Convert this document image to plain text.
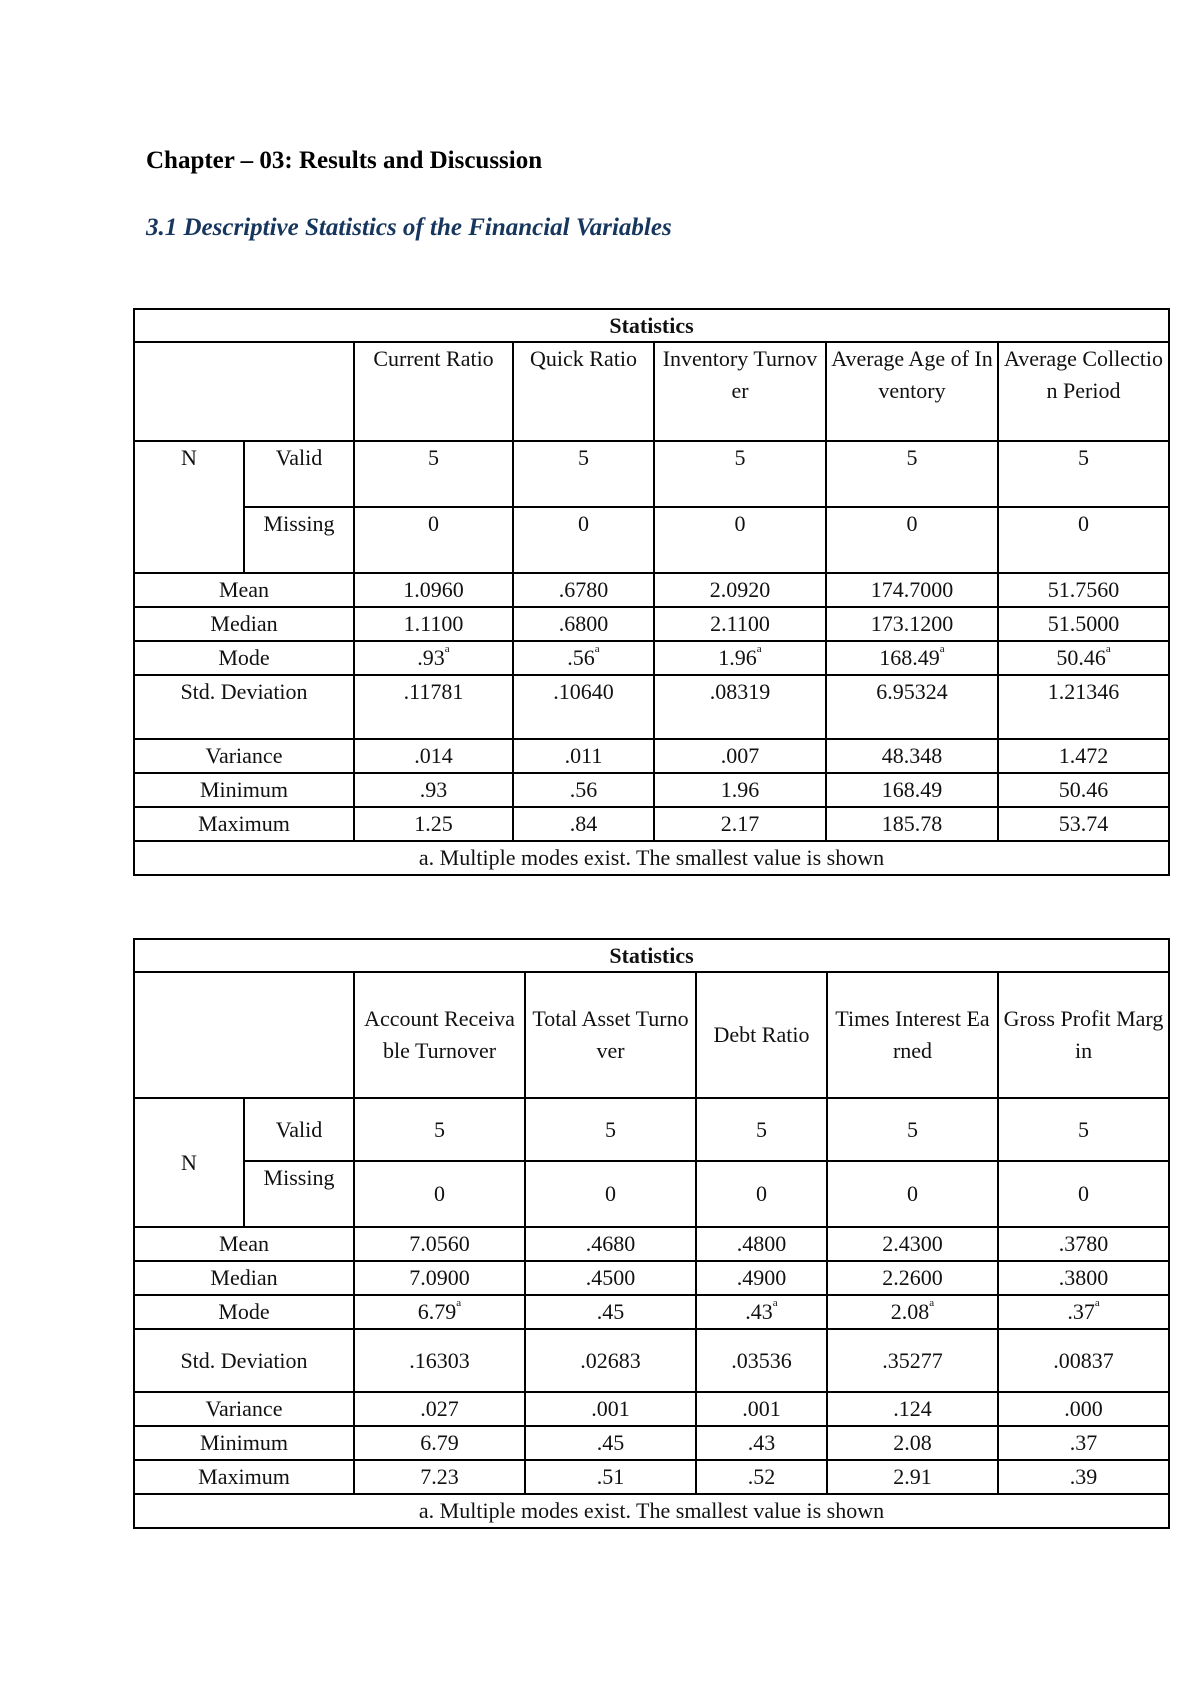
Chapter – 03: Results and Discussion
3.1 Descriptive Statistics of the Financial Variables
Statistics						
		Current Ratio	Quick Ratio	Inventory Turnover	Average Age of Inventory	Average Collection Period
N	Valid	5	5	5	5	5
	Missing	0	0	0	0	0
Mean		1.0960	.6780	2.0920	174.7000	51.7560
Median		1.1100	.6800	2.1100	173.1200	51.5000
Mode		.93$^a$	.56$^a$	1.96$^a$	168.49$^a$	50.46$^a$
Std. Deviation		.11781	.10640	.08319	6.95324	1.21346
Variance		.014	.011	.007	48.348	1.472
Minimum		.93	.56	1.96	168.49	50.46
Maximum		1.25	.84	2.17	185.78	53.74
a. Multiple modes exist. The smallest value is shown						
Statistics						
		Account Receivable Turnover	Total Asset Turnover	Debt Ratio	Times Interest Earned	Gross Profit Margin
N	Valid	5	5	5	5	5
	Missing	0	0	0	0	0
Mean		7.0560	.4680	.4800	2.4300	.3780
Median		7.0900	.4500	.4900	2.2600	.3800
Mode		6.79$^a$	.45	.43$^a$	2.08$^a$	.37$^a$
Std. Deviation		.16303	.02683	.03536	.35277	.00837
Variance		.027	.001	.001	.124	.000
Minimum		6.79	.45	.43	2.08	.37
Maximum		7.23	.51	.52	2.91	.39
a. Multiple modes exist. The smallest value is shown						
